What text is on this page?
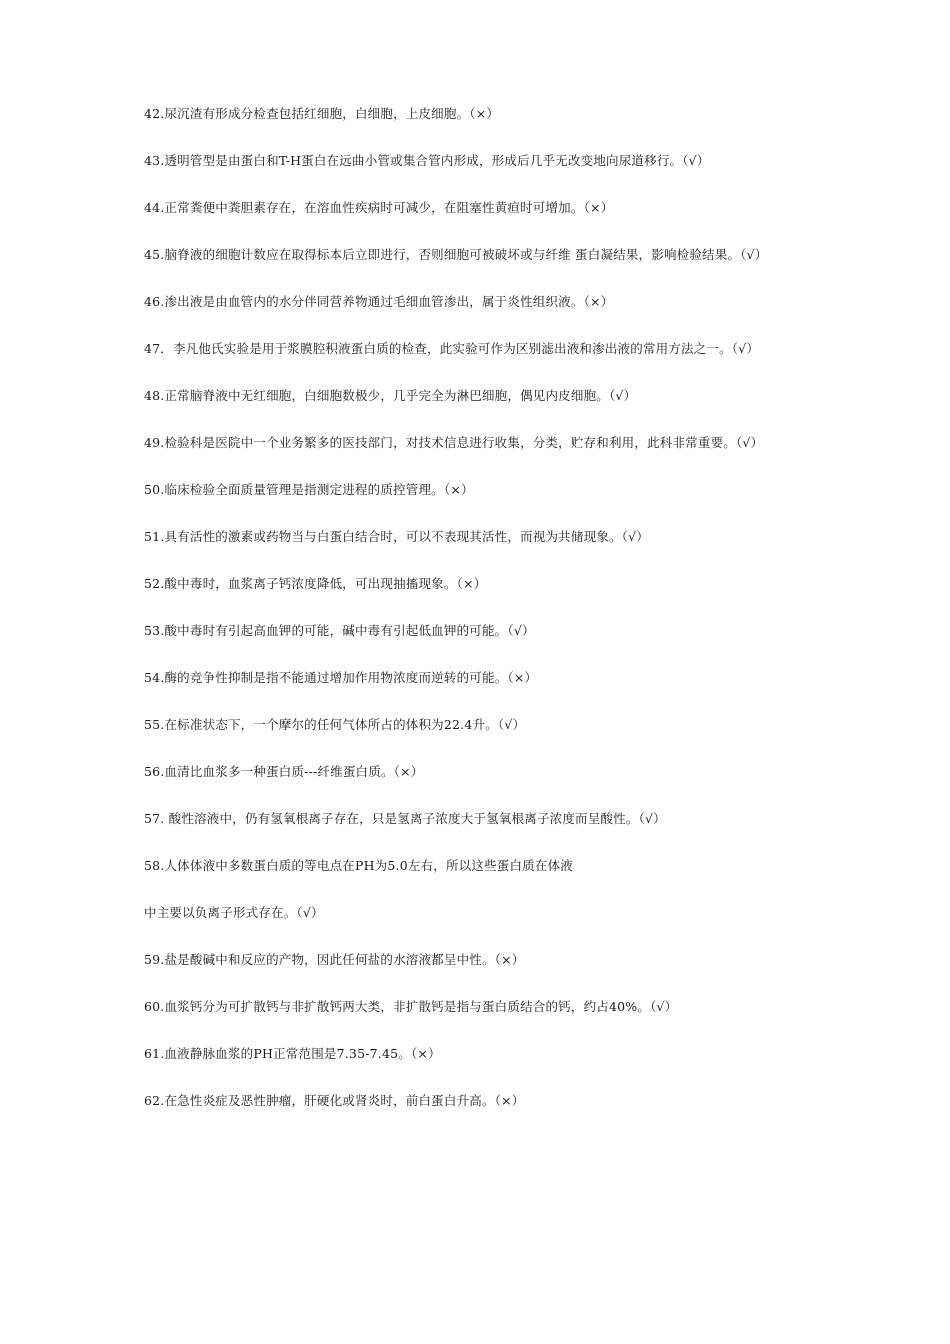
42.尿沉渣有形成分检查包括红细胞，白细胞，上皮细胞。（×）

43.透明管型是由蛋白和T-H蛋白在远曲小管或集合管内形成，形成后几乎无改变地向尿道移行。（√）

44.正常粪便中粪胆素存在，在溶血性疾病时可减少，在阻塞性黄疸时可增加。（×）

45.脑脊液的细胞计数应在取得标本后立即进行，否则细胞可被破坏或与纤维 蛋白凝结果，影响检验结果。（√）

46.渗出液是由血管内的水分伴同营养物通过毛细血管渗出，属于炎性组织液。（×）

47．李凡他氏实验是用于浆膜腔积液蛋白质的检查，此实验可作为区别滤出液和渗出液的常用方法之一。（√）

48.正常脑脊液中无红细胞，白细胞数极少，几乎完全为淋巴细胞，偶见内皮细胞。（√）

49.检验科是医院中一个业务繁多的医技部门，对技术信息进行收集，分类，贮存和利用，此科非常重要。（√）

50.临床检验全面质量管理是指测定进程的质控管理。（×）

51.具有活性的激素或药物当与白蛋白结合时，可以不表现其活性，而视为共储现象。（√）

52.酸中毒时，血浆离子钙浓度降低，可出现抽搐现象。（×）

53.酸中毒时有引起高血钾的可能，碱中毒有引起低血钾的可能。（√）

54.酶的竞争性抑制是指不能通过增加作用物浓度而逆转的可能。（×）

55.在标准状态下，一个摩尔的任何气体所占的体积为22.4升。（√）

56.血清比血浆多一种蛋白质---纤维蛋白质。（×）

57. 酸性溶液中，仍有氢氧根离子存在，只是氢离子浓度大于氢氧根离子浓度而呈酸性。（√）

58.人体体液中多数蛋白质的等电点在PH为5.0左右，所以这些蛋白质在体液

中主要以负离子形式存在。（√）

59.盐是酸碱中和反应的产物，因此任何盐的水溶液都呈中性。（×）

60.血浆钙分为可扩散钙与非扩散钙两大类，非扩散钙是指与蛋白质结合的钙，约占40%。（√）

61.血液静脉血浆的PH正常范围是7.35-7.45。（×）

62.在急性炎症及恶性肿瘤，肝硬化或肾炎时，前白蛋白升高。（×）
